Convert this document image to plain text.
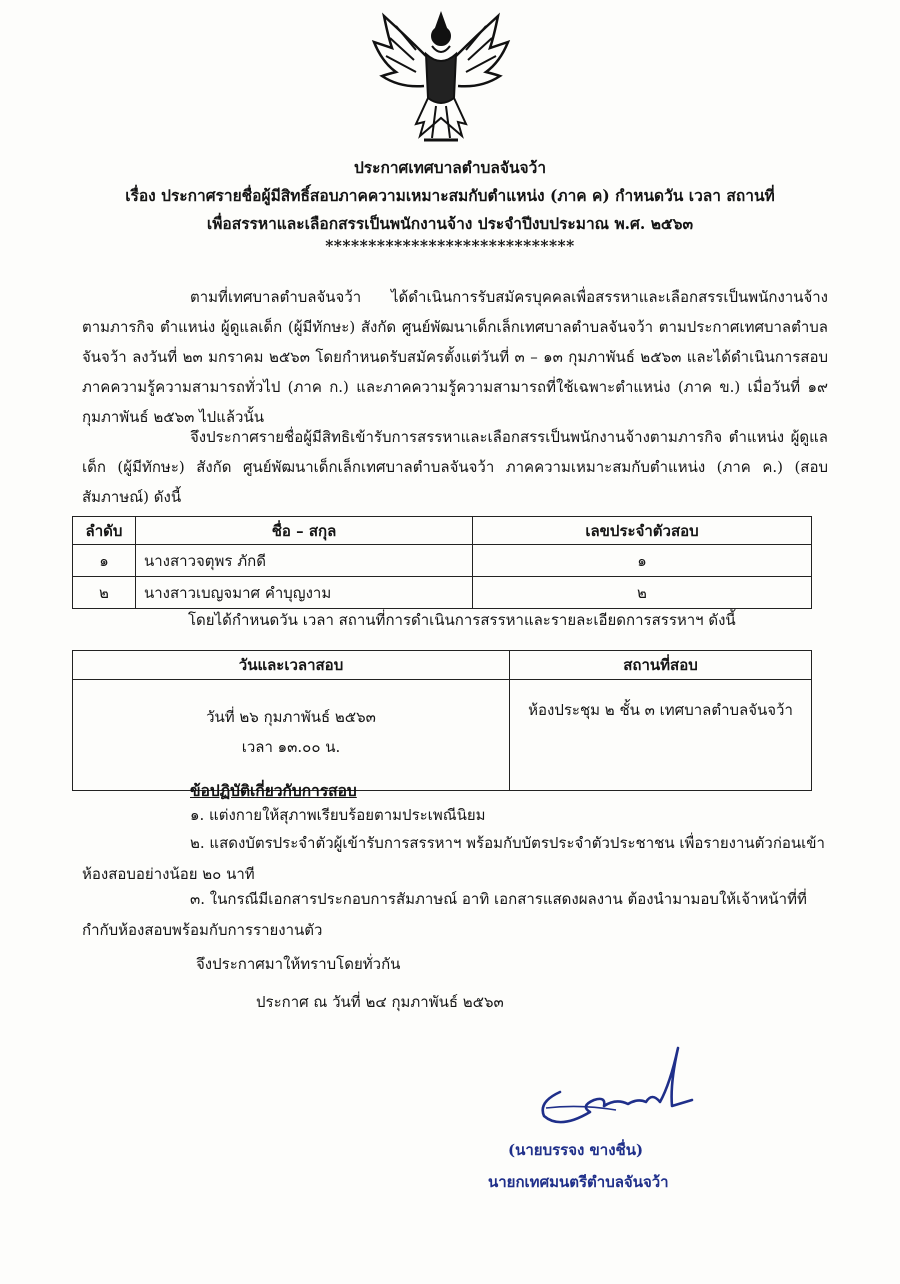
ประกาศเทศบาลตำบลจันจว้า
เรื่อง ประกาศรายชื่อผู้มีสิทธิ์สอบภาคความเหมาะสมกับตำแหน่ง (ภาค ค) กำหนดวัน เวลา สถานที่
เพื่อสรรหาและเลือกสรรเป็นพนักงานจ้าง ประจำปีงบประมาณ พ.ศ. ๒๕๖๓
*****************************
ตามที่เทศบาลตำบลจันจว้า ได้ดำเนินการรับสมัครบุคคลเพื่อสรรหาและเลือกสรรเป็นพนักงานจ้างตามภารกิจ ตำแหน่ง ผู้ดูแลเด็ก (ผู้มีทักษะ) สังกัด ศูนย์พัฒนาเด็กเล็กเทศบาลตำบลจันจว้า ตามประกาศเทศบาลตำบลจันจว้า ลงวันที่ ๒๓ มกราคม ๒๕๖๓ โดยกำหนดรับสมัครตั้งแต่วันที่ ๓ – ๑๓ กุมภาพันธ์ ๒๕๖๓ และได้ดำเนินการสอบภาคความรู้ความสามารถทั่วไป (ภาค ก.) และภาคความรู้ความสามารถที่ใช้เฉพาะตำแหน่ง (ภาค ข.) เมื่อวันที่ ๑๙ กุมภาพันธ์ ๒๕๖๓ ไปแล้วนั้น
จึงประกาศรายชื่อผู้มีสิทธิเข้ารับการสรรหาและเลือกสรรเป็นพนักงานจ้างตามภารกิจ ตำแหน่ง ผู้ดูแลเด็ก (ผู้มีทักษะ) สังกัด ศูนย์พัฒนาเด็กเล็กเทศบาลตำบลจันจว้า ภาคความเหมาะสมกับตำแหน่ง (ภาค ค.) (สอบสัมภาษณ์) ดังนี้
ลำดับ	ชื่อ – สกุล	เลขประจำตัวสอบ
๑	นางสาวจตุพร ภักดี	๑
๒	นางสาวเบญจมาศ คำบุญงาม	๒
โดยได้กำหนดวัน เวลา สถานที่การดำเนินการสรรหาและรายละเอียดการสรรหาฯ ดังนี้
วันและเวลาสอบ	สถานที่สอบ

วันที่ ๒๖ กุมภาพันธ์ ๒๕๖๓
เวลา ๑๓.๐๐ น.	ห้องประชุม ๒ ชั้น ๓ เทศบาลตำบลจันจว้า
ข้อปฏิบัติเกี่ยวกับการสอบ
๑. แต่งกายให้สุภาพเรียบร้อยตามประเพณีนิยม
๒. แสดงบัตรประจำตัวผู้เข้ารับการสรรหาฯ พร้อมกับบัตรประจำตัวประชาชน เพื่อรายงานตัวก่อนเข้าห้องสอบอย่างน้อย ๒๐ นาที
๓. ในกรณีมีเอกสารประกอบการสัมภาษณ์ อาทิ เอกสารแสดงผลงาน ต้องนำมามอบให้เจ้าหน้าที่ที่กำกับห้องสอบพร้อมกับการรายงานตัว
จึงประกาศมาให้ทราบโดยทั่วกัน
ประกาศ ณ วันที่ ๒๔ กุมภาพันธ์ ๒๕๖๓
(นายบรรจง ขางชื่น)
นายกเทศมนตรีตำบลจันจว้า
